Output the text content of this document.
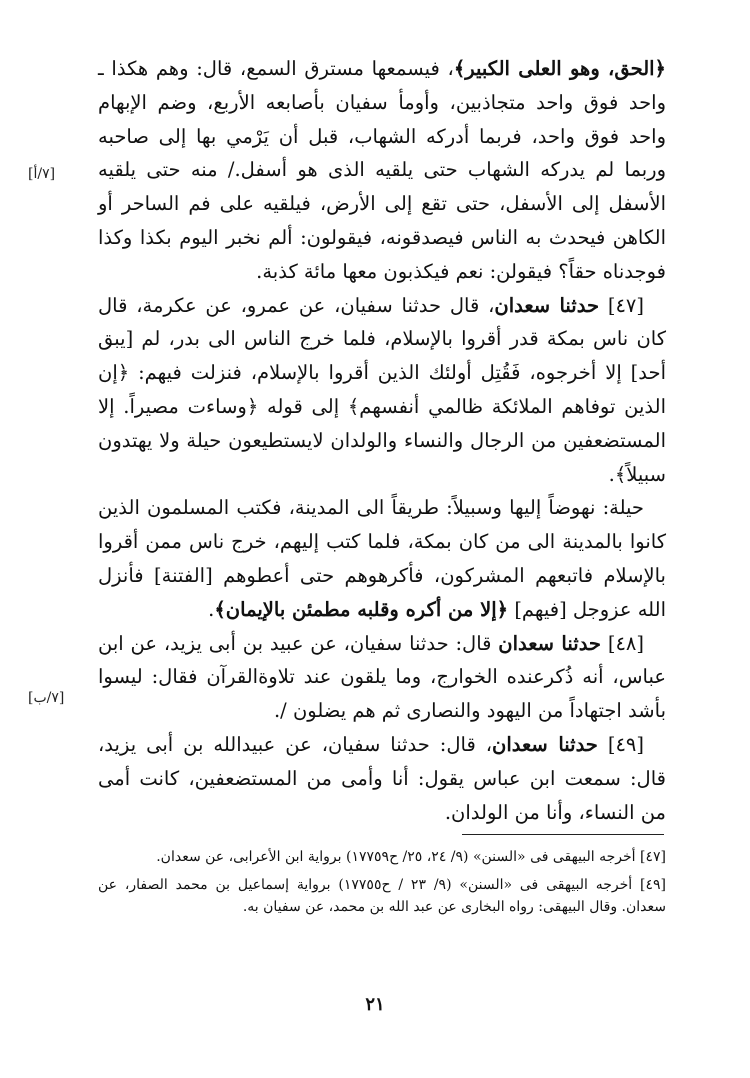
﴿الحق، وهو العلى الكبير﴾، فيسمعها مسترق السمع، قال: وهم هكذا ـ واحد فوق واحد متجاذبين، وأومأ سفيان بأصابعه الأربع، وضم الإبهام واحد فوق واحد، فربما أدركه الشهاب، قبل أن يَرْمي بها إلى صاحبه وربما لم يدركه الشهاب حتى يلقيه الذى هو أسفل./ منه حتى يلقيه الأسفل إلى الأسفل، حتى تقع إلى الأرض، فيلقيه على فم الساحر أو الكاهن فيحدث به الناس فيصدقونه، فيقولون: ألم نخبر اليوم بكذا وكذا فوجدناه حقاً؟ فيقولن: نعم فيكذبون معها مائة كذبة.

[٤٧] حدثنا سعدان، قال حدثنا سفيان، عن عمرو، عن عكرمة، قال كان ناس بمكة قدر أقروا بالإسلام، فلما خرج الناس الى بدر، لم [يبق أحد] إلا أخرجوه، فَقُتِل أولئك الذين أقروا بالإسلام، فنزلت فيهم: ﴿إن الذين توفاهم الملائكة ظالمي أنفسهم﴾ إلى قوله ﴿وساءت مصيراً. إلا المستضعفين من الرجال والنساء والولدان لايستطيعون حيلة ولا يهتدون سبيلاً﴾.

حيلة: نهوضاً إليها وسبيلاً: طريقاً الى المدينة، فكتب المسلمون الذين كانوا بالمدينة الى من كان بمكة، فلما كتب إليهم، خرج ناس ممن أقروا بالإسلام فاتبعهم المشركون، فأكرهوهم حتى أعطوهم [الفتنة] فأنزل الله عزوجل [فيهم] ﴿إلا من أكره وقلبه مطمئن بالإيمان﴾.

[٤٨] حدثنا سعدان قال: حدثنا سفيان، عن عبيد بن أبى يزيد، عن ابن عباس، أنه ذُكرعنده الخوارج، وما يلقون عند تلاوةالقرآن فقال: ليسوا بأشد اجتهاداً من اليهود والنصارى ثم هم يضلون /.

[٤٩] حدثنا سعدان، قال: حدثنا سفيان، عن عبيدالله بن أبى يزيد، قال: سمعت ابن عباس يقول: أنا وأمى من المستضعفين، كانت أمى من النساء، وأنا من الولدان.

[٧/أ]
[٧/ب]

[٤٧] أخرجه البيهقى فى «السنن» (٩/ ٢٤، ٢٥/ ح١٧٧٥٩) برواية ابن الأعرابى، عن سعدان.

[٤٩] أخرجه البيهقى فى «السنن» (٩/ ٢٣ / ح١٧٧٥٥) برواية إسماعيل بن محمد الصفار، عن سعدان. وقال البيهقى: رواه البخارى عن عبد الله بن محمد، عن سفيان به.

٢١
